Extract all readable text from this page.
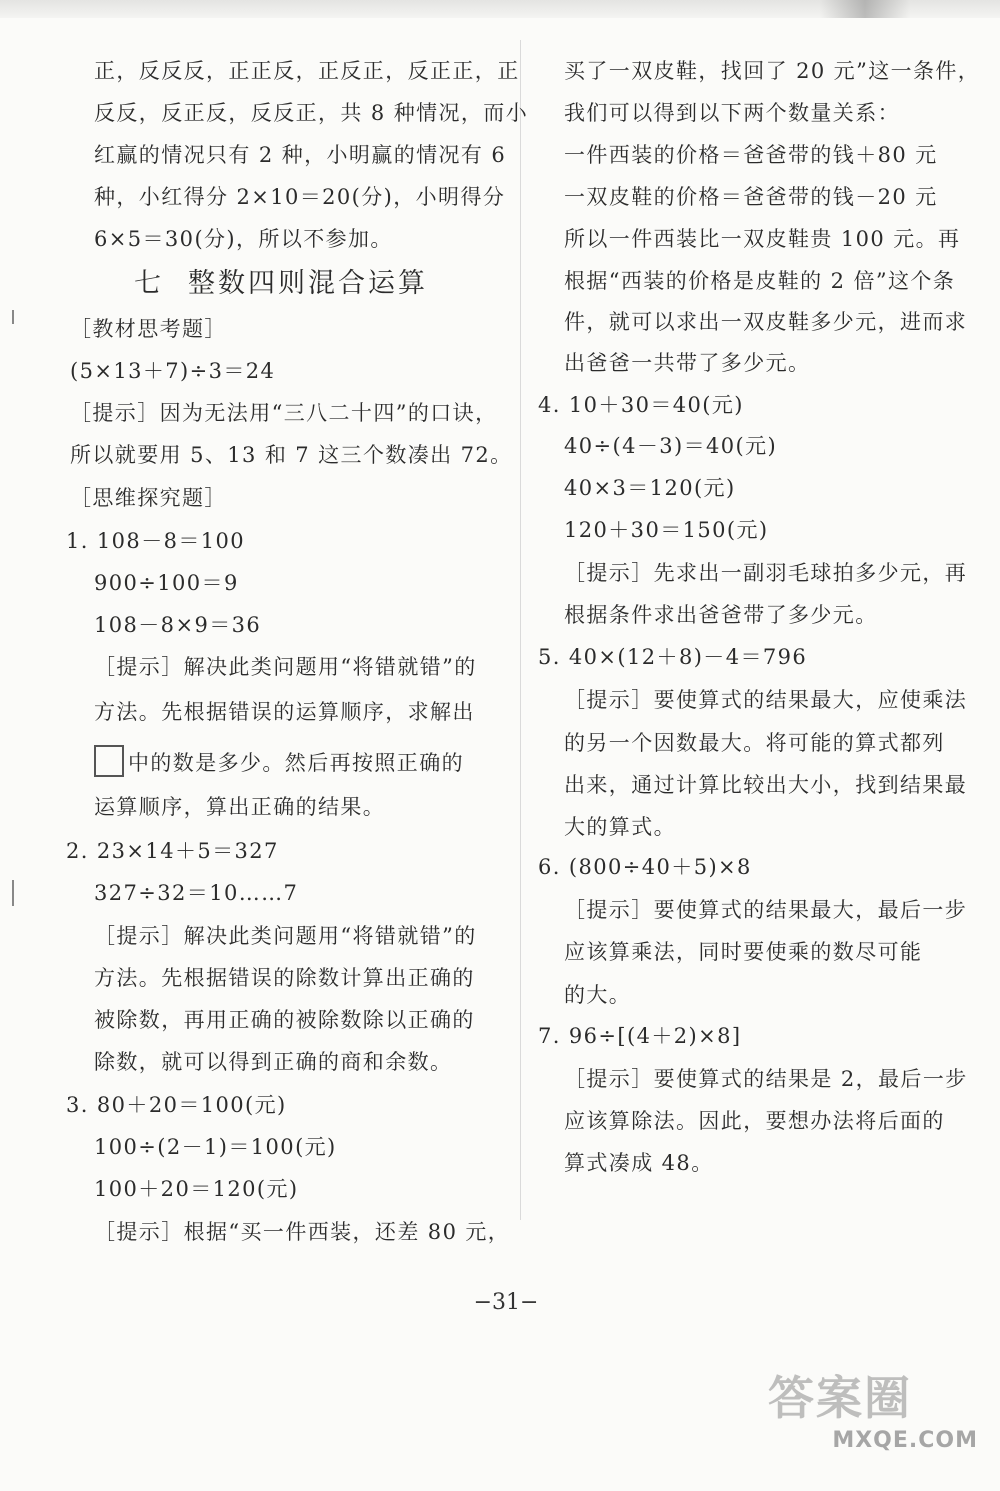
正，反反反，正正反，正反正，反正正，正
反反，反正反，反反正，共 8 种情况，而小
红赢的情况只有 2 种，小明赢的情况有 6
种，小红得分 2×10＝20(分)，小明得分
6×5＝30(分)，所以不参加。
七 整数四则混合运算
［教材思考题］
(5×13＋7)÷3＝24
［提示］因为无法用“三八二十四”的口诀，
所以就要用 5、13 和 7 这三个数凑出 72。
［思维探究题］
1. 108－8＝100
900÷100＝9
108－8×9＝36
［提示］解决此类问题用“将错就错”的
方法。先根据错误的运算顺序，求解出
中的数是多少。然后再按照正确的
运算顺序，算出正确的结果。
2. 23×14＋5＝327
327÷32＝10……7
［提示］解决此类问题用“将错就错”的
方法。先根据错误的除数计算出正确的
被除数，再用正确的被除数除以正确的
除数，就可以得到正确的商和余数。
3. 80＋20＝100(元)
100÷(2－1)＝100(元)
100＋20＝120(元)
［提示］根据“买一件西装，还差 80 元，
买了一双皮鞋，找回了 20 元”这一条件，
我们可以得到以下两个数量关系：
一件西装的价格＝爸爸带的钱＋80 元
一双皮鞋的价格＝爸爸带的钱－20 元
所以一件西装比一双皮鞋贵 100 元。再
根据“西装的价格是皮鞋的 2 倍”这个条
件，就可以求出一双皮鞋多少元，进而求
出爸爸一共带了多少元。
4. 10＋30＝40(元)
40÷(4－3)＝40(元)
40×3＝120(元)
120＋30＝150(元)
［提示］先求出一副羽毛球拍多少元，再
根据条件求出爸爸带了多少元。
5. 40×(12＋8)－4＝796
［提示］要使算式的结果最大，应使乘法
的另一个因数最大。将可能的算式都列
出来，通过计算比较出大小，找到结果最
大的算式。
6. (800÷40＋5)×8
［提示］要使算式的结果最大，最后一步
应该算乘法，同时要使乘的数尽可能
的大。
7. 96÷[(4＋2)×8]
［提示］要使算式的结果是 2，最后一步
应该算除法。因此，要想办法将后面的
算式凑成 48。
−31−
答案圈
MXQE.COM
